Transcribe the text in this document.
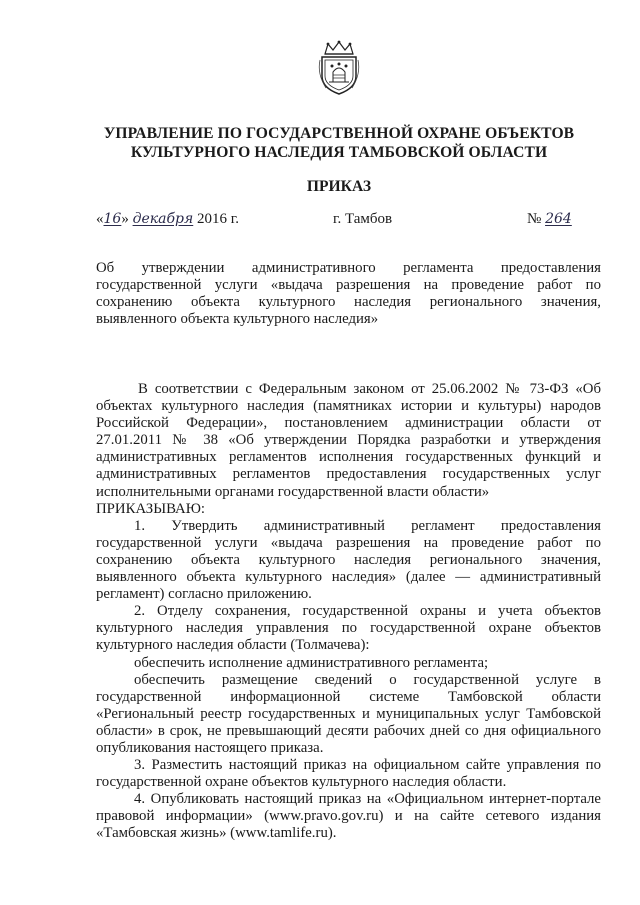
УПРАВЛЕНИЕ ПО ГОСУДАРСТВЕННОЙ ОХРАНЕ ОБЪЕКТОВ
КУЛЬТУРНОГО НАСЛЕДИЯ ТАМБОВСКОЙ ОБЛАСТИ
ПРИКАЗ
«16» декабря 2016 г.	г. Тамбов	№ 264
Об утверждении административного регламента предоставления государственной услуги «выдача разрешения на проведение работ по сохранению объекта культурного наследия регионального значения, выявленного объекта культурного наследия»

В соответствии с Федеральным законом от 25.06.2002 № 73-ФЗ «Об объектах культурного наследия (памятниках истории и культуры) народов Российской Федерации», постановлением администрации области от 27.01.2011 № 38 «Об утверждении Порядка разработки и утверждения административных регламентов исполнения государственных функций и административных регламентов предоставления государственных услуг исполнительными органами государственной власти области»

ПРИКАЗЫВАЮ:

1. Утвердить административный регламент предоставления государственной услуги «выдача разрешения на проведение работ по сохранению объекта культурного наследия регионального значения, выявленного объекта культурного наследия» (далее — административный регламент) согласно приложению.

2. Отделу сохранения, государственной охраны и учета объектов культурного наследия управления по государственной охране объектов культурного наследия области (Толмачева):

обеспечить исполнение административного регламента;

обеспечить размещение сведений о государственной услуге в государственной информационной системе Тамбовской области «Региональный реестр государственных и муниципальных услуг Тамбовской области» в срок, не превышающий десяти рабочих дней со дня официального опубликования настоящего приказа.

3. Разместить настоящий приказ на официальном сайте управления по государственной охране объектов культурного наследия области.

4. Опубликовать настоящий приказ на «Официальном интернет-портале правовой информации» (www.pravo.gov.ru) и на сайте сетевого издания «Тамбовская жизнь» (www.tamlife.ru).
